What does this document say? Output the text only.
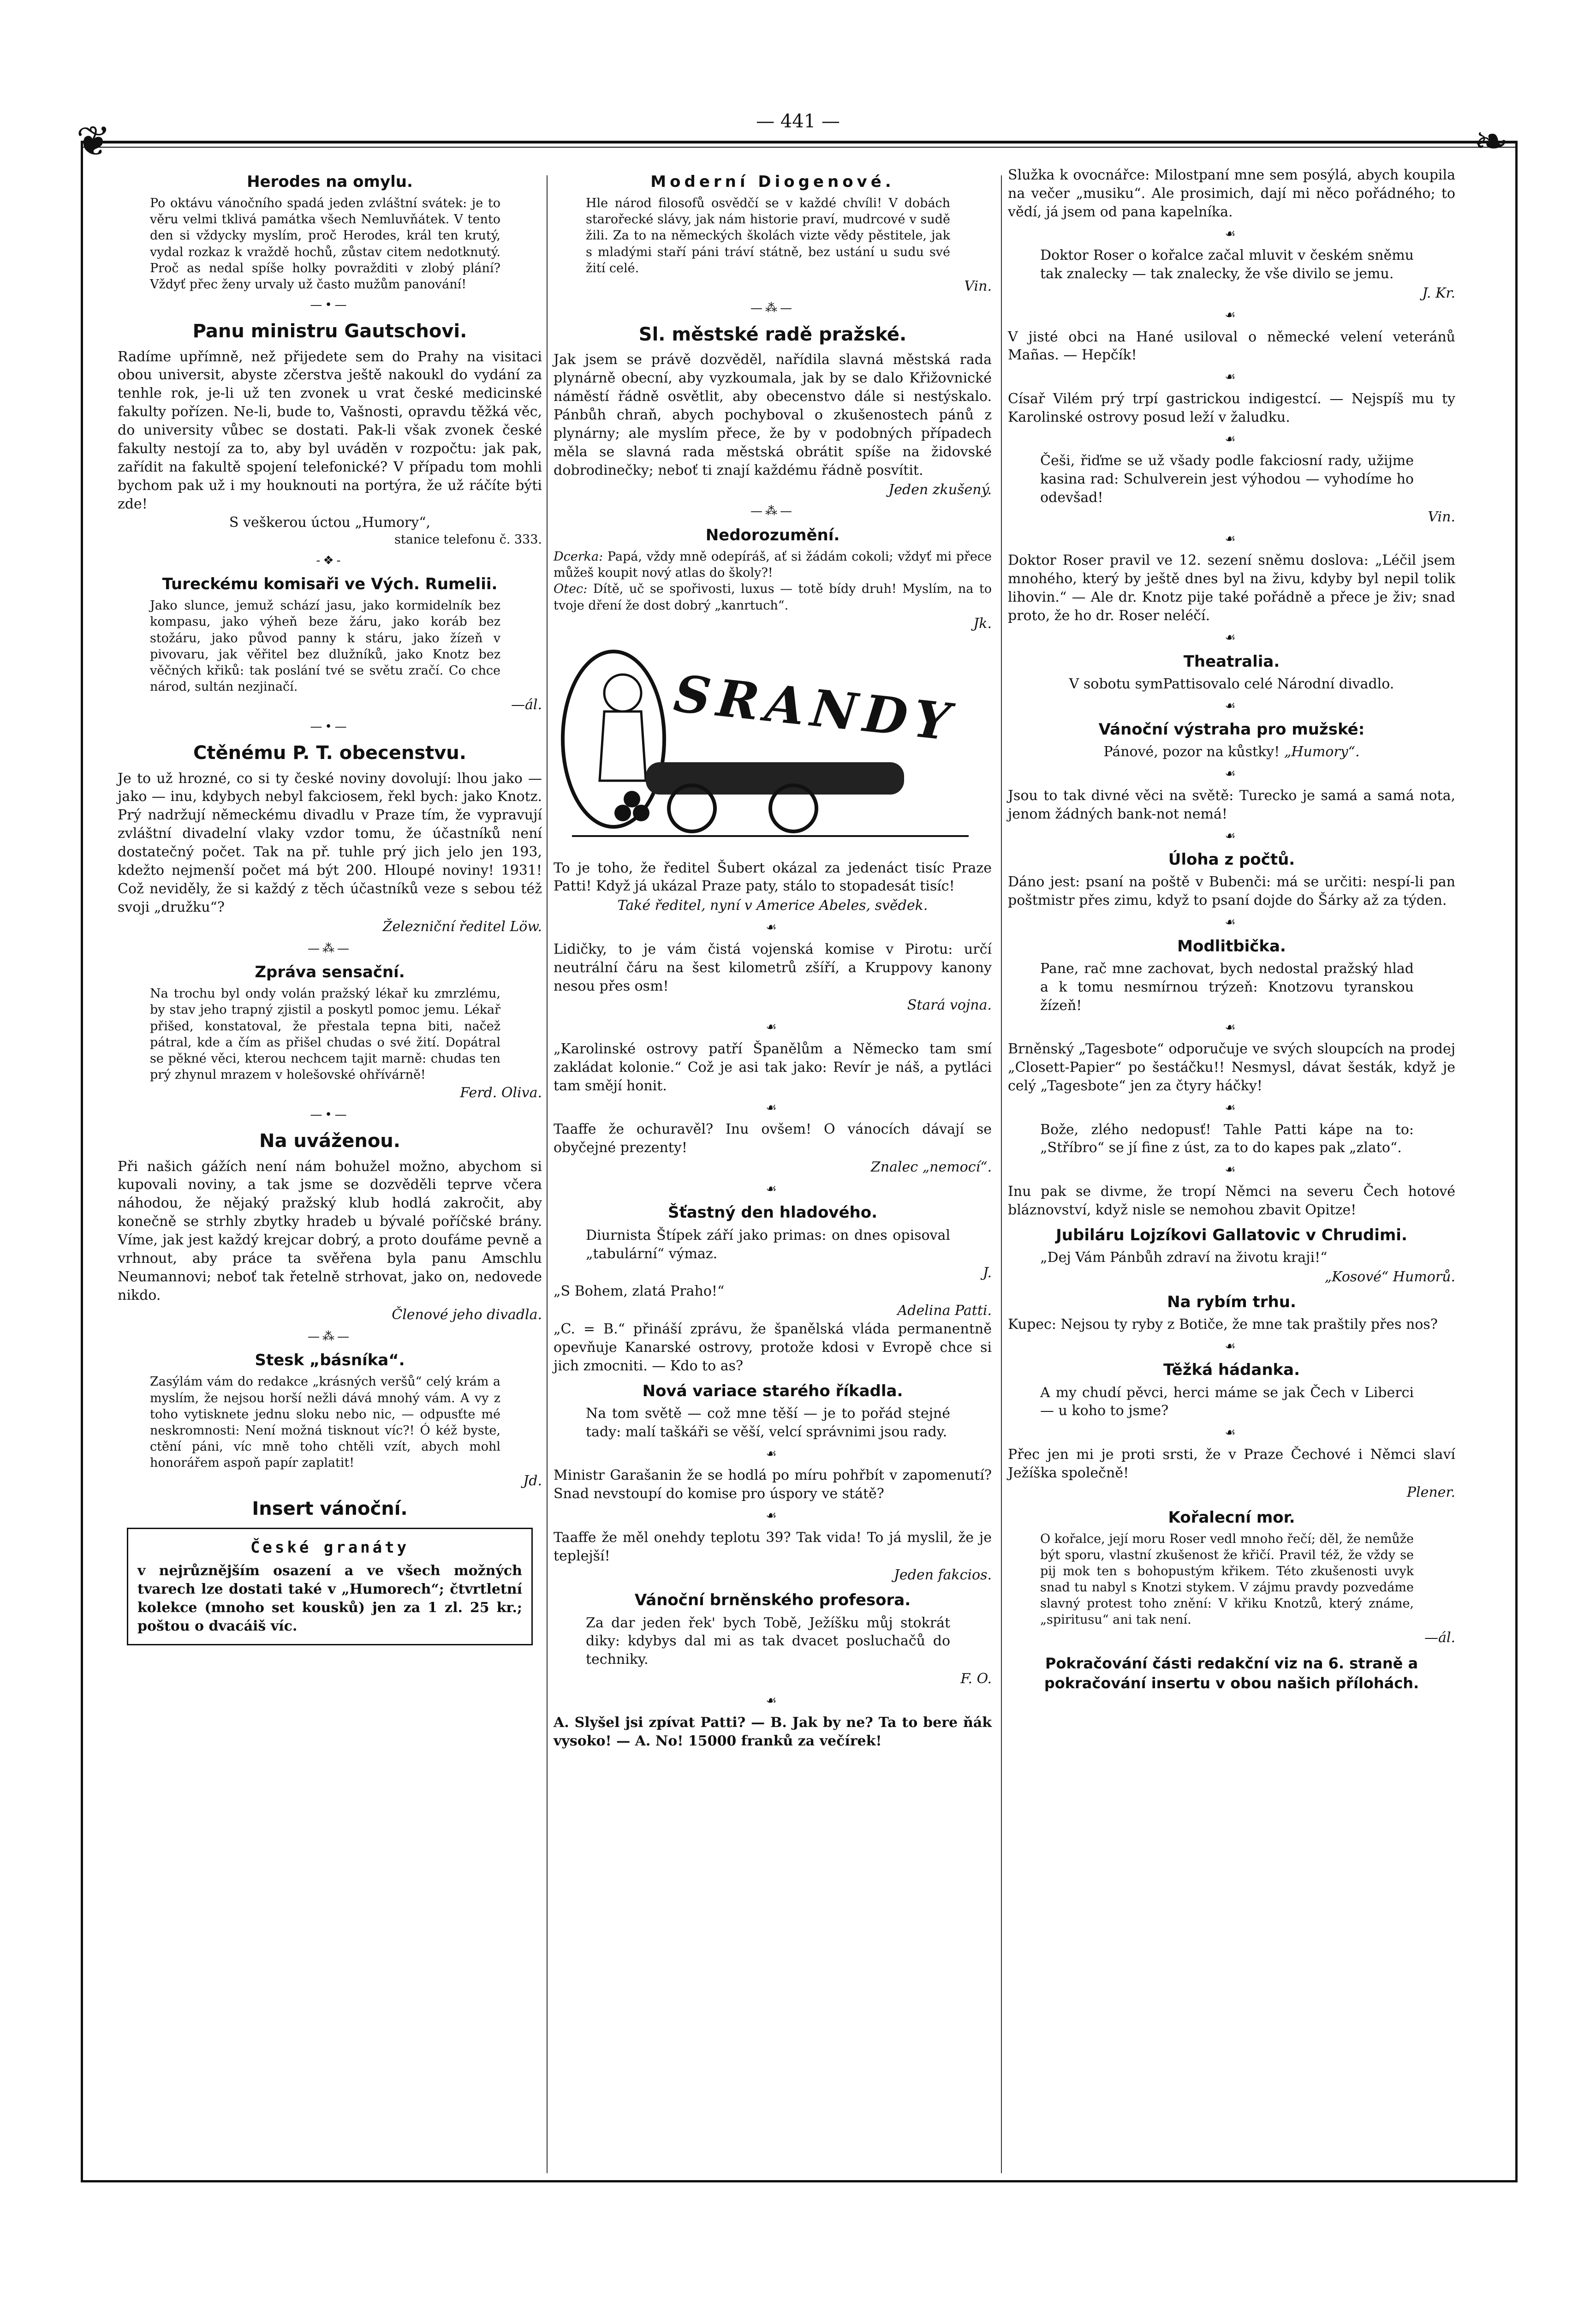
— 441 —
❦	❧
Herodes na omylu.

Po oktávu vánočního spadá jeden zvláštní svátek: je to věru velmi tklivá památka všech Nemluvňátek. V tento den si vždycky myslím, proč Herodes, král ten krutý, vydal rozkaz k vraždě hochů, zůstav citem nedotknutý. Proč as nedal spíše holky povražditi v zlobý plání? Vždyť přec ženy urvaly už často mužům panování!

—•—
Panu ministru Gautschovi.

Radíme upřímně, než přijedete sem do Prahy na visitaci obou universit, abyste zčerstva ještě nakoukl do vydání za tenhle rok, je-li už ten zvonek u vrat české medicinské fakulty pořízen. Ne-li, bude to, Vašnosti, opravdu těžká věc, do university vůbec se dostati. Pak-li však zvonek české fakulty nestojí za to, aby byl uváděn v rozpočtu: jak pak, zařídit na fakultě spojení telefonické? V případu tom mohli bychom pak už i my houknouti na portýra, že už ráčíte býti zde!

S veškerou úctou „Humory“,

stanice telefonu č. 333.

-❖-
Tureckému komisaři ve Vých. Rumelii.

Jako slunce, jemuž schází jasu, jako kormidelník bez kompasu, jako výheň beze žáru, jako koráb bez stožáru, jako původ panny k stáru, jako žízeň v pivovaru, jak věřitel bez dlužníků, jako Knotz bez věčných křiků: tak poslání tvé se světu zračí. Co chce národ, sultán nezjinačí.

—ál.

—•—
Ctěnému P. T. obecenstvu.

Je to už hrozné, co si ty české noviny dovolují: lhou jako — jako — inu, kdybych nebyl fakciosem, řekl bych: jako Knotz. Prý nadržují německému divadlu v Praze tím, že vypravují zvláštní divadelní vlaky vzdor tomu, že účastníků není dostatečný počet. Tak na př. tuhle prý jich jelo jen 193, kdežto nejmenší počet má být 200. Hloupé noviny! 1931! Což neviděly, že si každý z těch účastníků veze s sebou též svoji „družku“?

Železniční ředitel Löw.

—⁂—
Zpráva sensační.

Na trochu byl ondy volán pražský lékař ku zmrzlému, by stav jeho trapný zjistil a poskytl pomoc jemu. Lékař přišed, konstatoval, že přestala tepna biti, načež pátral, kde a čím as přišel chudas o své žití. Dopátral se pěkné věci, kterou nechcem tajit marně: chudas ten prý zhynul mrazem v holešovské ohřívárně!

Ferd. Oliva.

—•—
Na uváženou.

Při našich gážích není nám bohužel možno, abychom si kupovali noviny, a tak jsme se dozvěděli teprve včera náhodou, že nějaký pražský klub hodlá zakročit, aby konečně se strhly zbytky hradeb u bývalé poříčské brány. Víme, jak jest každý krejcar dobrý, a proto doufáme pevně a vrhnout, aby práce ta svěřena byla panu Amschlu Neumannovi; neboť tak řetelně strhovat, jako on, nedovede nikdo.

Členové jeho divadla.

—⁂—
Stesk „básníka“.

Zasýlám vám do redakce „krásných veršů“ celý krám a myslím, že nejsou horší nežli dává mnohý vám. A vy z toho vytisknete jednu sloku nebo nic, — odpusťte mé neskromnosti: Není možná tisknout víc?! Ó kéž byste, ctění páni, víc mně toho chtěli vzít, abych mohl honorářem aspoň papír zaplatit!

Jd.

Insert vánoční.
České granáty

v nejrůznějším osazení a ve všech možných tvarech lze dostati také v „Humorech“; čtvrtletní kolekce (mnoho set kousků) jen za 1 zl. 25 kr.; poštou o dvacáiš víc.

Moderní Diogenové.

Hle národ filosofů osvědčí se v každé chvíli! V dobách starořecké slávy, jak nám historie praví, mudrcové v sudě žili. Za to na německých školách vizte vědy pěstitele, jak s mladými staří páni tráví státně, bez ustání u sudu své žití celé.

Vin.

—⁂—
Sl. městské radě pražské.

Jak jsem se právě dozvěděl, nařídila slavná městská rada plynárně obecní, aby vyzkoumala, jak by se dalo Křižovnické náměstí řádně osvětlit, aby obecenstvo dále si nestýskalo. Pánbůh chraň, abych pochyboval o zkušenostech pánů z plynárny; ale myslím přece, že by v podobných případech měla se slavná rada městská obrátit spíše na židovské dobrodinečky; neboť ti znají každému řádně posvítit.

Jeden zkušený.

—⁂—
Nedorozumění.

Dcerka: Papá, vždy mně odepíráš, ať si žádám cokoli; vždyť mi přece můžeš koupit nový atlas do školy?!

Otec: Dítě, uč se spořivosti, luxus — totě bídy druh! Myslím, na to tvoje dření že dost dobrý „kanrtuch“.

Jk.

SRANDY

To je toho, že ředitel Šubert okázal za jedenáct tisíc Praze Patti! Když já ukázal Praze paty, stálo to stopadesát tisíc!

Také ředitel, nyní v Americe Abeles, svědek.

☙

Lidičky, to je vám čistá vojenská komise v Pirotu: určí neutrální čáru na šest kilometrů zšíří, a Kruppovy kanony nesou přes osm!

Stará vojna.

☙

„Karolinské ostrovy patří Španělům a Německo tam smí zakládat kolonie.“ Což je asi tak jako: Revír je náš, a pytláci tam smějí honit.

☙

Taaffe že ochuravěl? Inu ovšem! O vánocích dávají se obyčejné prezenty!

Znalec „nemocí“.

☙
Šťastný den hladového.

Diurnista Štípek září jako primas: on dnes opisoval „tabulární“ výmaz.

J.

„S Bohem, zlatá Praho!“

Adelina Patti.

„C. = B.“ přináší zprávu, že španělská vláda permanentně opevňuje Kanarské ostrovy, protože kdosi v Evropě chce si jich zmocniti. — Kdo to as?

Nová variace starého říkadla.

Na tom světě — což mne těší — je to pořád stejné tady: malí taškáři se věší, velcí správnimi jsou rady.

☙

Ministr Garašanin že se hodlá po míru pohřbít v zapomenutí? Snad nevstoupí do komise pro úspory ve státě?

☙

Taaffe že měl onehdy teplotu 39? Tak vida! To já myslil, že je teplejší!

Jeden fakcios.

Vánoční brněnského profesora.

Za dar jeden řek' bych Tobě, Ježíšku můj stokrát diky: kdybys dal mi as tak dvacet posluchačů do techniky.

F. O.

☙

A. Slyšel jsi zpívat Patti? — B. Jak by ne? Ta to bere ňák vysoko! — A. No! 15000 franků za večírek!

Služka k ovocnářce: Milostpaní mne sem posýlá, abych koupila na večer „musiku“. Ale prosimich, dají mi něco pořádného; to vědí, já jsem od pana kapelníka.

☙

Doktor Roser o kořalce začal mluvit v českém sněmu tak znalecky — tak znalecky, že vše divilo se jemu.

J. Kr.

☙

V jisté obci na Hané usiloval o německé velení veteránů Mañas. — Hepčík!

☙

Císař Vilém prý trpí gastrickou indigestcí. — Nejspíš mu ty Karolinské ostrovy posud leží v žaludku.

☙

Češi, řiďme se už všady podle fakciosní rady, užijme kasina rad: Schulverein jest výhodou — vyhodíme ho odevšad!

Vin.

☙

Doktor Roser pravil ve 12. sezení sněmu doslova: „Léčil jsem mnohého, který by ještě dnes byl na živu, kdyby byl nepil tolik lihovin.“ — Ale dr. Knotz pije také pořádně a přece je živ; snad proto, že ho dr. Roser neléčí.

☙
Theatralia.

V sobotu symPattisovalo celé Národní divadlo.

☙
Vánoční výstraha pro mužské:

Pánové, pozor na kůstky! „Humory“.

☙

Jsou to tak divné věci na světě: Turecko je samá a samá nota, jenom žádných bank-not nemá!

☙
Úloha z počtů.

Dáno jest: psaní na poště v Bubenči: má se určiti: nespí-li pan poštmistr přes zimu, když to psaní dojde do Šárky až za týden.

☙
Modlitbička.

Pane, rač mne zachovat, bych nedostal pražský hlad a k tomu nesmírnou trýzeň: Knotzovu tyranskou žízeň!

☙

Brněnský „Tagesbote“ odporučuje ve svých sloupcích na prodej „Closett-Papier“ po šestáčku!! Nesmysl, dávat šesták, když je celý „Tagesbote“ jen za čtyry háčky!

☙

Bože, zlého nedopusť! Tahle Patti kápe na to: „Stříbro“ se jí fine z úst, za to do kapes pak „zlato“.

☙

Inu pak se divme, že tropí Němci na severu Čech hotové bláznovství, když nisle se nemohou zbavit Opitze!

Jubiláru Lojzíkovi Gallatovic v Chrudimi.

„Dej Vám Pánbůh zdraví na životu kraji!“

„Kosové“ Humorů.

Na rybím trhu.

Kupec: Nejsou ty ryby z Botiče, že mne tak praštily přes nos?

☙
Těžká hádanka.

A my chudí pěvci, herci máme se jak Čech v Liberci — u koho to jsme?

☙

Přec jen mi je proti srsti, že v Praze Čechové i Němci slaví Ježíška společně!

Plener.

Kořalecní mor.

O kořalce, její moru Roser vedl mnoho řečí; děl, že nemůže být sporu, vlastní zkušenost že křičí. Pravil též, že vždy se pij mok ten s bohopustým křikem. Této zkušenosti uvyk snad tu nabyl s Knotzi stykem. V zájmu pravdy pozvedáme slavný protest toho znění: V křiku Knotzů, který známe, „spiritusu“ ani tak není.

—ál.

Pokračování části redakční viz na 6. straně a pokračování insertu v obou našich přílohách.
